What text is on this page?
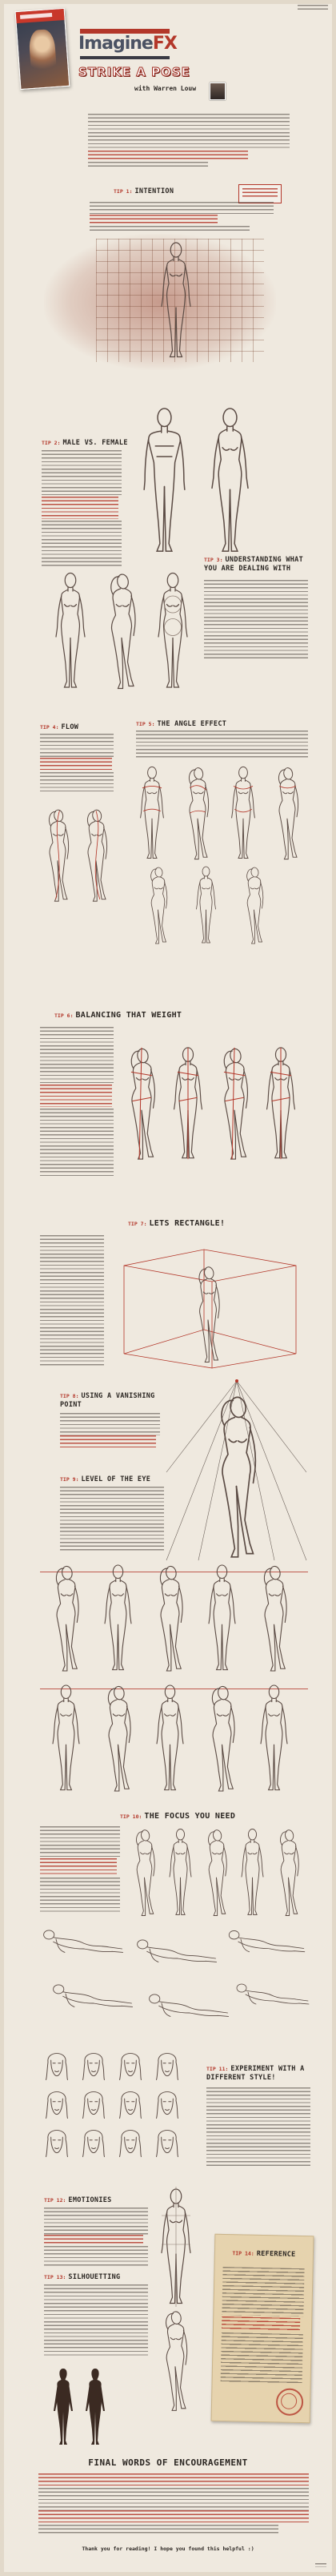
ImagineFX
STRIKE A POSE
with Warren Louw
TIP 1: INTENTION
TIP 2: MALE VS. FEMALE
TIP 3: UNDERSTANDING WHAT YOU ARE DEALING WITH
TIP 4: FLOW	TIP 5: THE ANGLE EFFECT
TIP 6: BALANCING THAT WEIGHT
TIP 7: LETS RECTANGLE!
TIP 8: USING A VANISHING POINT
TIP 9: LEVEL OF THE EYE
TIP 10: THE FOCUS YOU NEED
TIP 11: EXPERIMENT WITH A DIFFERENT STYLE!
TIP 12: EMOTIONIES
TIP 13: SILHOUETTING
TIP 14: REFERENCE
FINAL WORDS OF ENCOURAGEMENT
Thank you for reading! I hope you found this helpful :)
